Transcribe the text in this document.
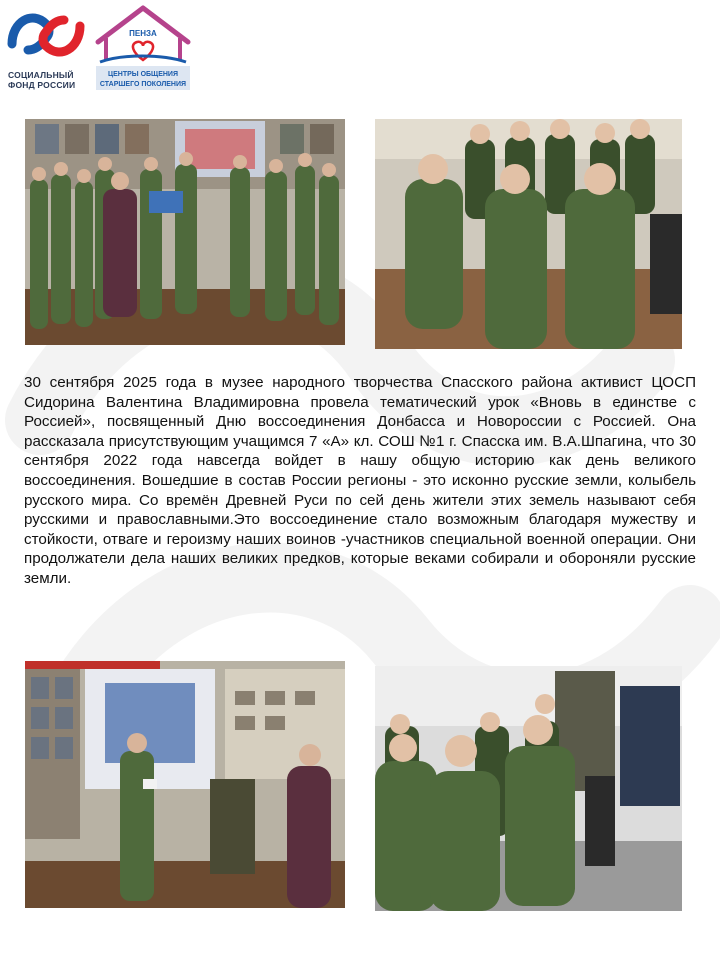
СОЦИАЛЬНЫЙ
ФОНД РОССИИ
ПЕНЗА
ЦЕНТРЫ ОБЩЕНИЯ
СТАРШЕГО ПОКОЛЕНИЯ

30 сентября 2025 года в музее народного творчества Спасского района активист ЦОСП Сидорина Валентина Владимировна провела тематический урок «Вновь в единстве с Россией», посвященный Дню воссоединения Донбасса и Новороссии с Россией. Она рассказала присутствующим учащимся 7 «А» кл. СОШ №1 г. Спасска им. В.А.Шпагина, что 30 сентября 2022 года навсегда войдет в нашу общую историю как день великого воссоединения. Вошедшие в состав России регионы - это исконно русские земли, колыбель русского мира. Со времён Древней Руси по сей день жители этих земель называют себя русскими и православными.Это воссоединение стало возможным благодаря мужеству и стойкости, отваге и героизму наших воинов -участников специальной военной операции. Они продолжатели дела наших великих предков, которые веками собирали и обороняли русские земли.
